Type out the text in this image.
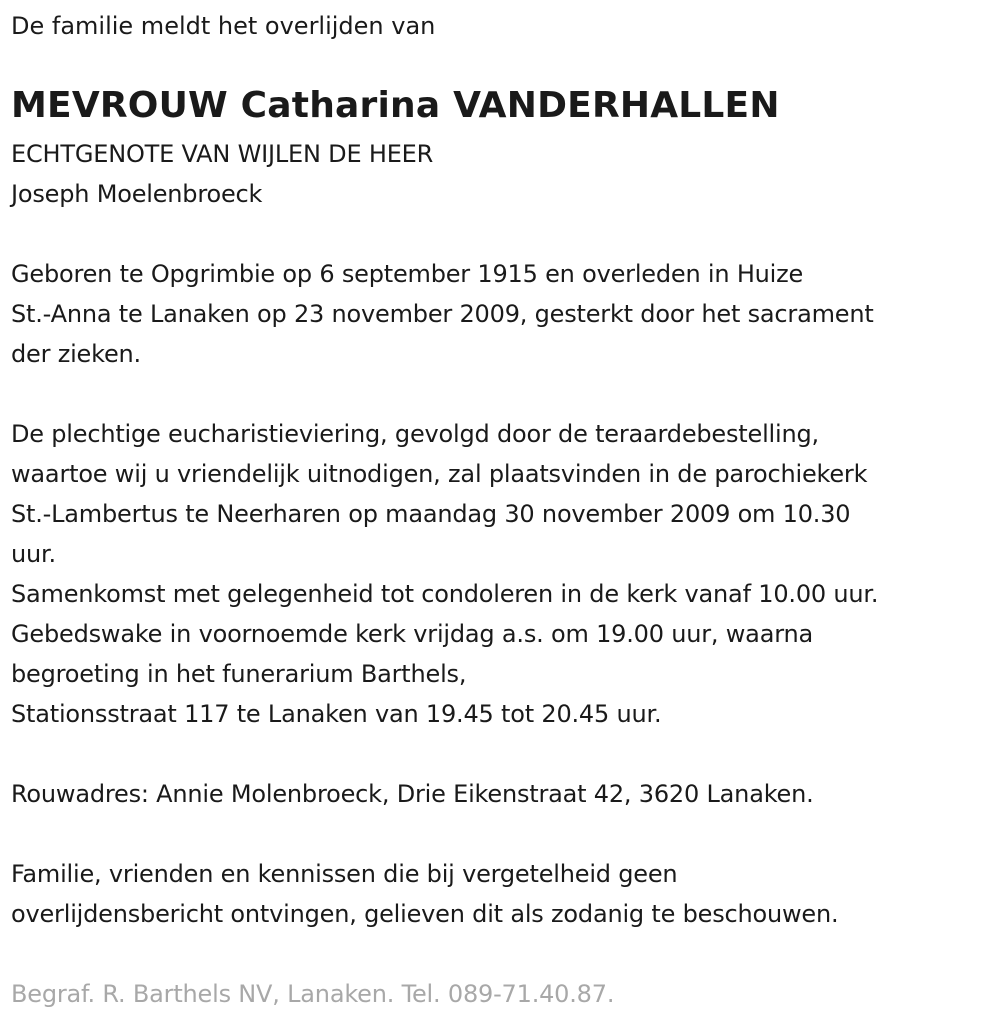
De familie meldt het overlijden van
MEVROUW Catharina VANDERHALLEN
ECHTGENOTE VAN WIJLEN DE HEER
Joseph Moelenbroeck
Geboren te Opgrimbie op 6 september 1915 en overleden in Huize
St.-Anna te Lanaken op 23 november 2009, gesterkt door het sacrament
der zieken.
De plechtige eucharistieviering, gevolgd door de teraardebestelling,
waartoe wij u vriendelijk uitnodigen, zal plaatsvinden in de parochiekerk
St.-Lambertus te Neerharen op maandag 30 november 2009 om 10.30
uur.
Samenkomst met gelegenheid tot condoleren in de kerk vanaf 10.00 uur.
Gebedswake in voornoemde kerk vrijdag a.s. om 19.00 uur, waarna
begroeting in het funerarium Barthels,
Stationsstraat 117 te Lanaken van 19.45 tot 20.45 uur.
Rouwadres: Annie Molenbroeck, Drie Eikenstraat 42, 3620 Lanaken.
Familie, vrienden en kennissen die bij vergetelheid geen
overlijdensbericht ontvingen, gelieven dit als zodanig te beschouwen.
Begraf. R. Barthels NV, Lanaken. Tel. 089-71.40.87.
